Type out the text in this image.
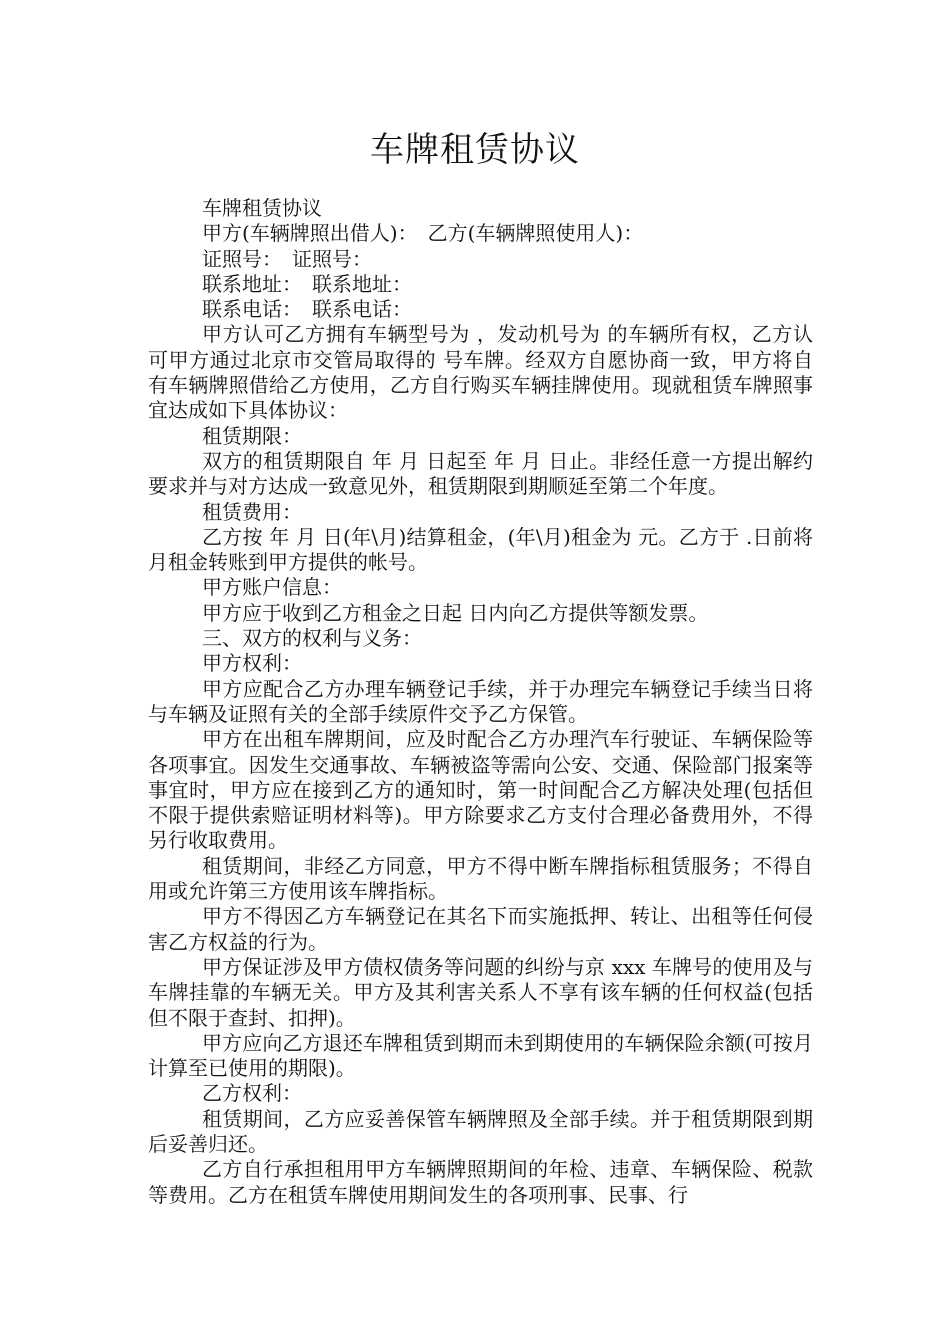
车牌租赁协议

车牌租赁协议

甲方(车辆牌照出借人)：　乙方(车辆牌照使用人)：

证照号：　证照号：

联系地址：　联系地址：

联系电话：　联系电话：

甲方认可乙方拥有车辆型号为 ，发动机号为 的车辆所有权，乙方认可甲方通过北京市交管局取得的 号车牌。经双方自愿协商一致，甲方将自有车辆牌照借给乙方使用，乙方自行购买车辆挂牌使用。现就租赁车牌照事宜达成如下具体协议：

租赁期限：

双方的租赁期限自 年 月 日起至 年 月 日止。非经任意一方提出解约要求并与对方达成一致意见外，租赁期限到期顺延至第二个年度。

租赁费用：

乙方按 年 月 日(年\月)结算租金，(年\月)租金为 元。乙方于 .日前将月租金转账到甲方提供的帐号。

甲方账户信息：

甲方应于收到乙方租金之日起 日内向乙方提供等额发票。

三、双方的权利与义务：

甲方权利：

甲方应配合乙方办理车辆登记手续，并于办理完车辆登记手续当日将与车辆及证照有关的全部手续原件交予乙方保管。

甲方在出租车牌期间，应及时配合乙方办理汽车行驶证、车辆保险等各项事宜。因发生交通事故、车辆被盗等需向公安、交通、保险部门报案等事宜时，甲方应在接到乙方的通知时，第一时间配合乙方解决处理(包括但不限于提供索赔证明材料等)。甲方除要求乙方支付合理必备费用外，不得另行收取费用。

租赁期间，非经乙方同意，甲方不得中断车牌指标租赁服务；不得自用或允许第三方使用该车牌指标。

甲方不得因乙方车辆登记在其名下而实施抵押、转让、出租等任何侵害乙方权益的行为。

甲方保证涉及甲方债权债务等问题的纠纷与京 xxx 车牌号的使用及与车牌挂靠的车辆无关。甲方及其利害关系人不享有该车辆的任何权益(包括但不限于查封、扣押)。

甲方应向乙方退还车牌租赁到期而未到期使用的车辆保险余额(可按月计算至已使用的期限)。

乙方权利：

租赁期间，乙方应妥善保管车辆牌照及全部手续。并于租赁期限到期后妥善归还。

乙方自行承担租用甲方车辆牌照期间的年检、违章、车辆保险、税款等费用。乙方在租赁车牌使用期间发生的各项刑事、民事、行
